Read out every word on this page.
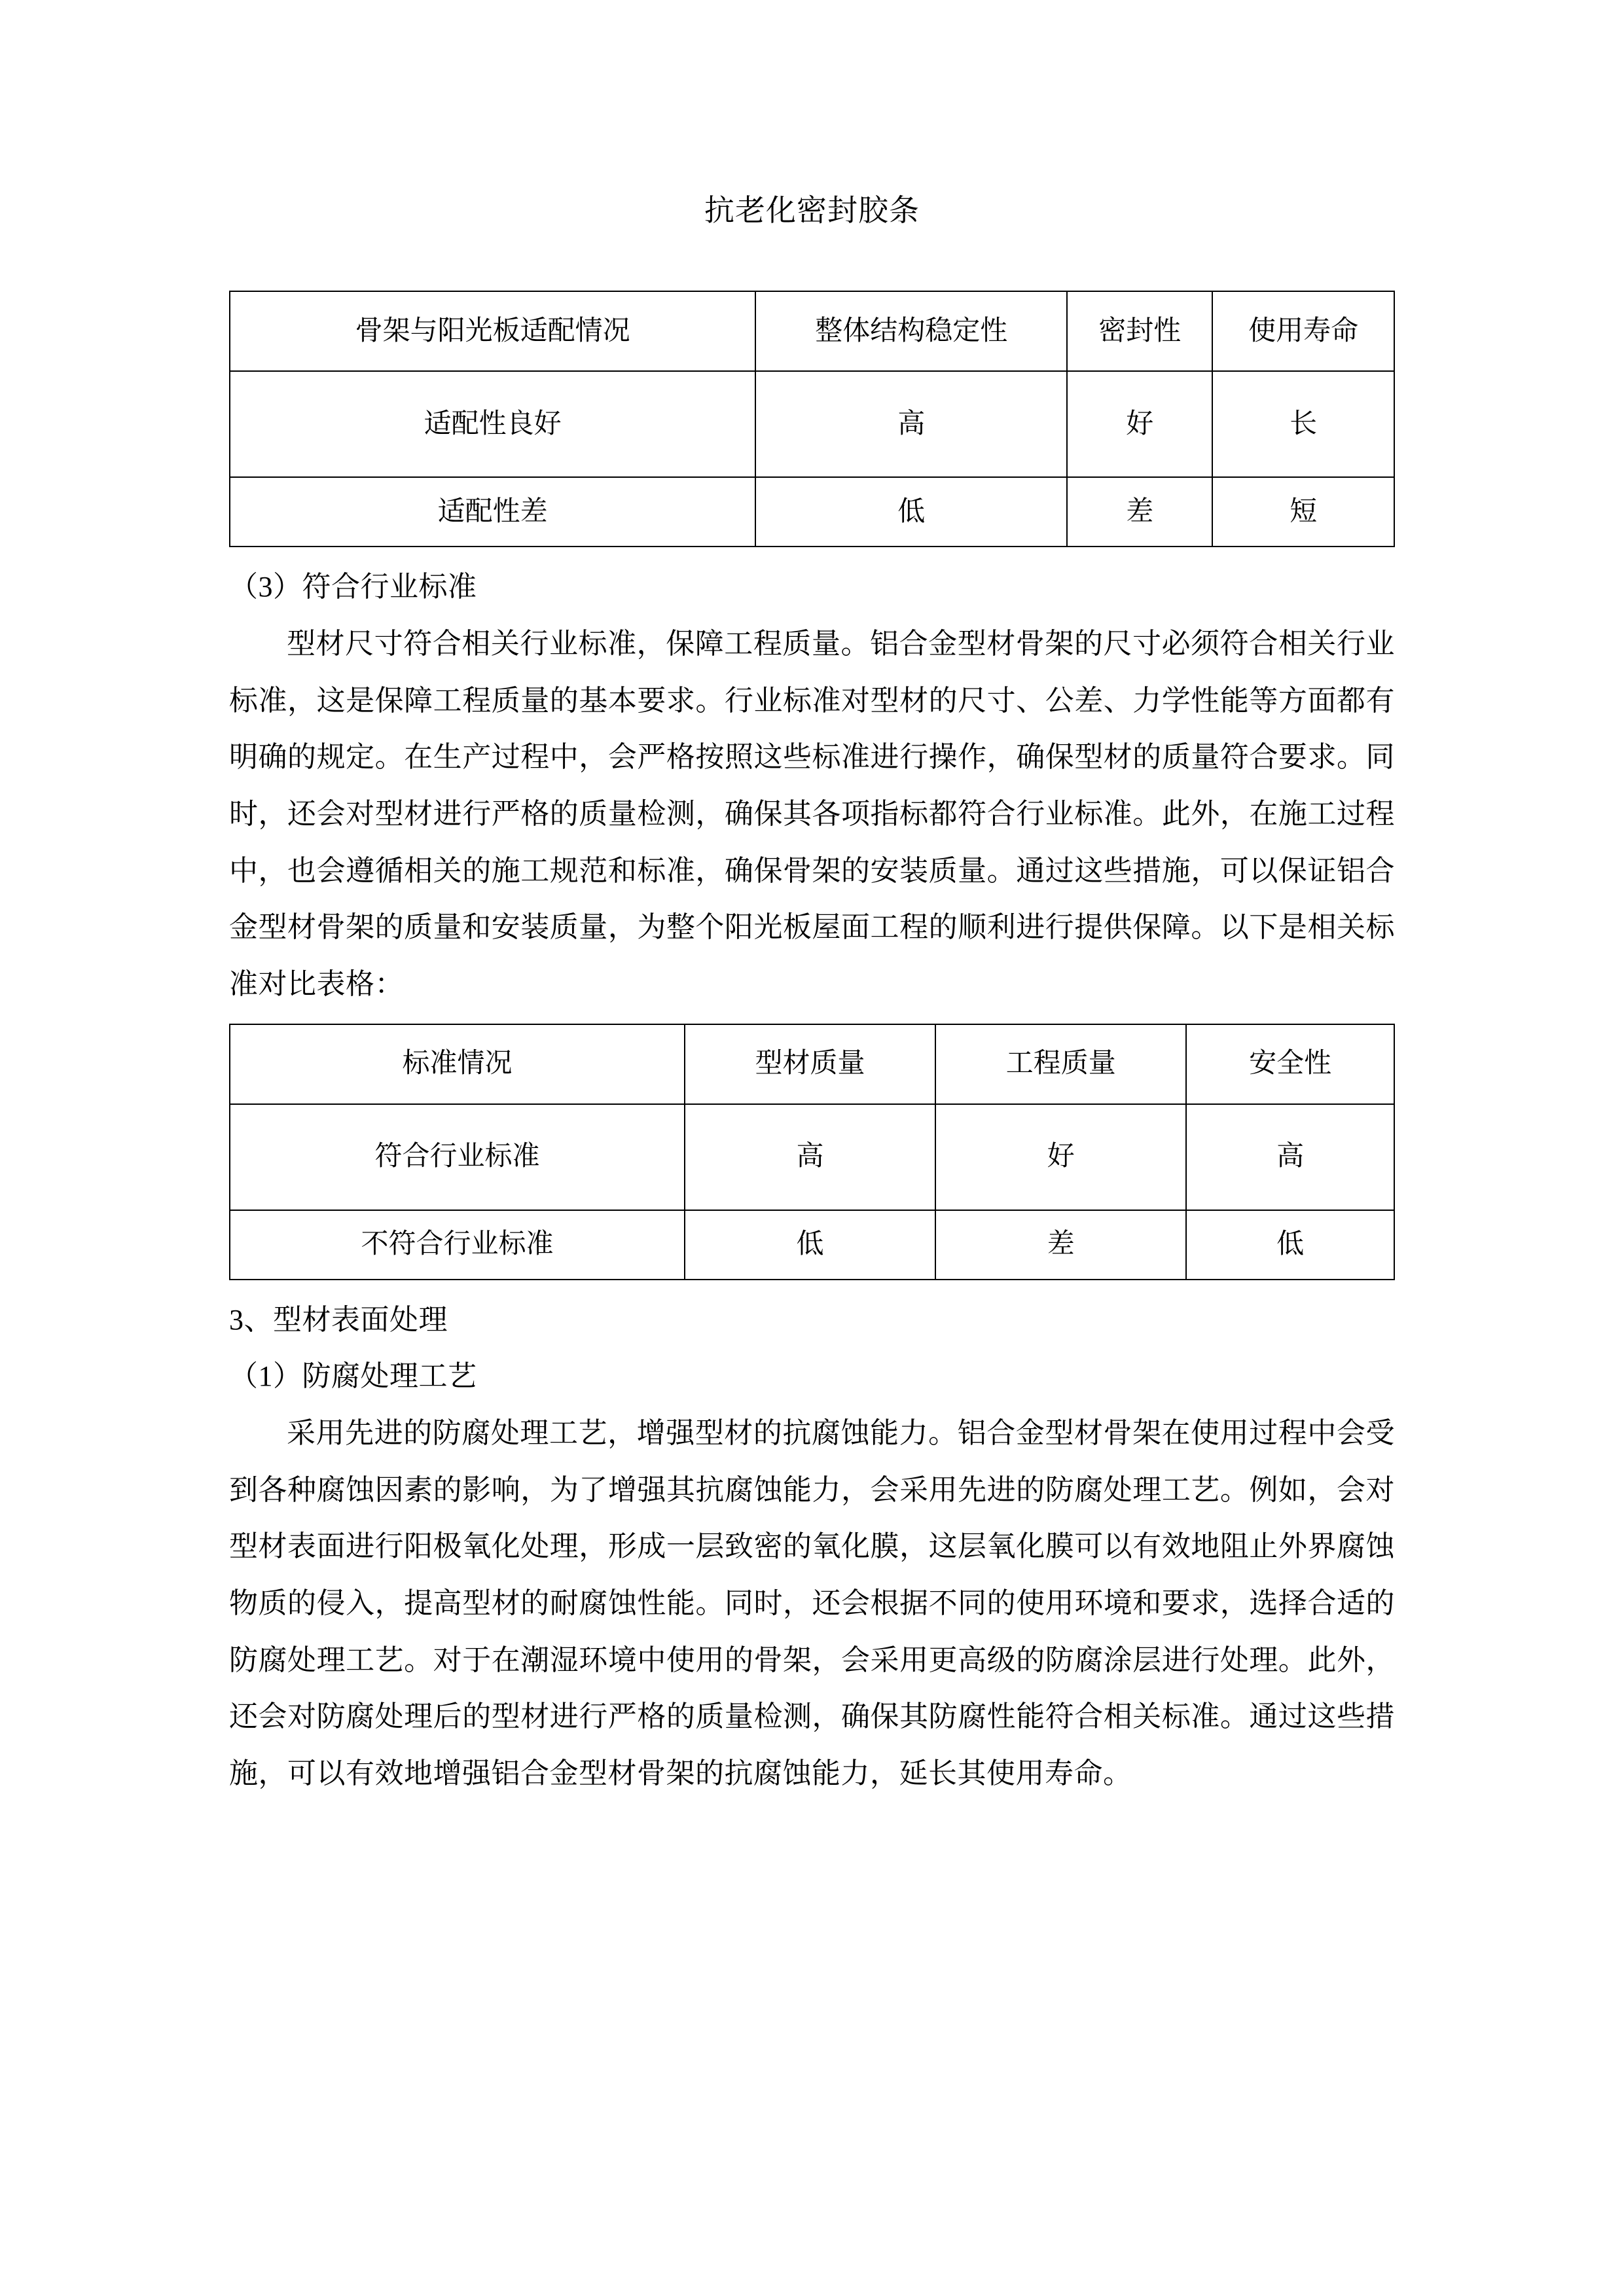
抗老化密封胶条
骨架与阳光板适配情况	整体结构稳定性	密封性	使用寿命
适配性良好	高	好	长
适配性差	低	差	短

（3）符合行业标准

型材尺寸符合相关行业标准，保障工程质量。铝合金型材骨架的尺寸必须符合相关行业标准，这是保障工程质量的基本要求。行业标准对型材的尺寸、公差、力学性能等方面都有明确的规定。在生产过程中，会严格按照这些标准进行操作，确保型材的质量符合要求。同时，还会对型材进行严格的质量检测，确保其各项指标都符合行业标准。此外，在施工过程中，也会遵循相关的施工规范和标准，确保骨架的安装质量。通过这些措施，可以保证铝合金型材骨架的质量和安装质量，为整个阳光板屋面工程的顺利进行提供保障。以下是相关标准对比表格：

标准情况	型材质量	工程质量	安全性
符合行业标准	高	好	高
不符合行业标准	低	差	低

3、型材表面处理

（1）防腐处理工艺

采用先进的防腐处理工艺，增强型材的抗腐蚀能力。铝合金型材骨架在使用过程中会受到各种腐蚀因素的影响，为了增强其抗腐蚀能力，会采用先进的防腐处理工艺。例如，会对型材表面进行阳极氧化处理，形成一层致密的氧化膜，这层氧化膜可以有效地阻止外界腐蚀物质的侵入，提高型材的耐腐蚀性能。同时，还会根据不同的使用环境和要求，选择合适的防腐处理工艺。对于在潮湿环境中使用的骨架，会采用更高级的防腐涂层进行处理。此外，还会对防腐处理后的型材进行严格的质量检测，确保其防腐性能符合相关标准。通过这些措施，可以有效地增强铝合金型材骨架的抗腐蚀能力，延长其使用寿命。
